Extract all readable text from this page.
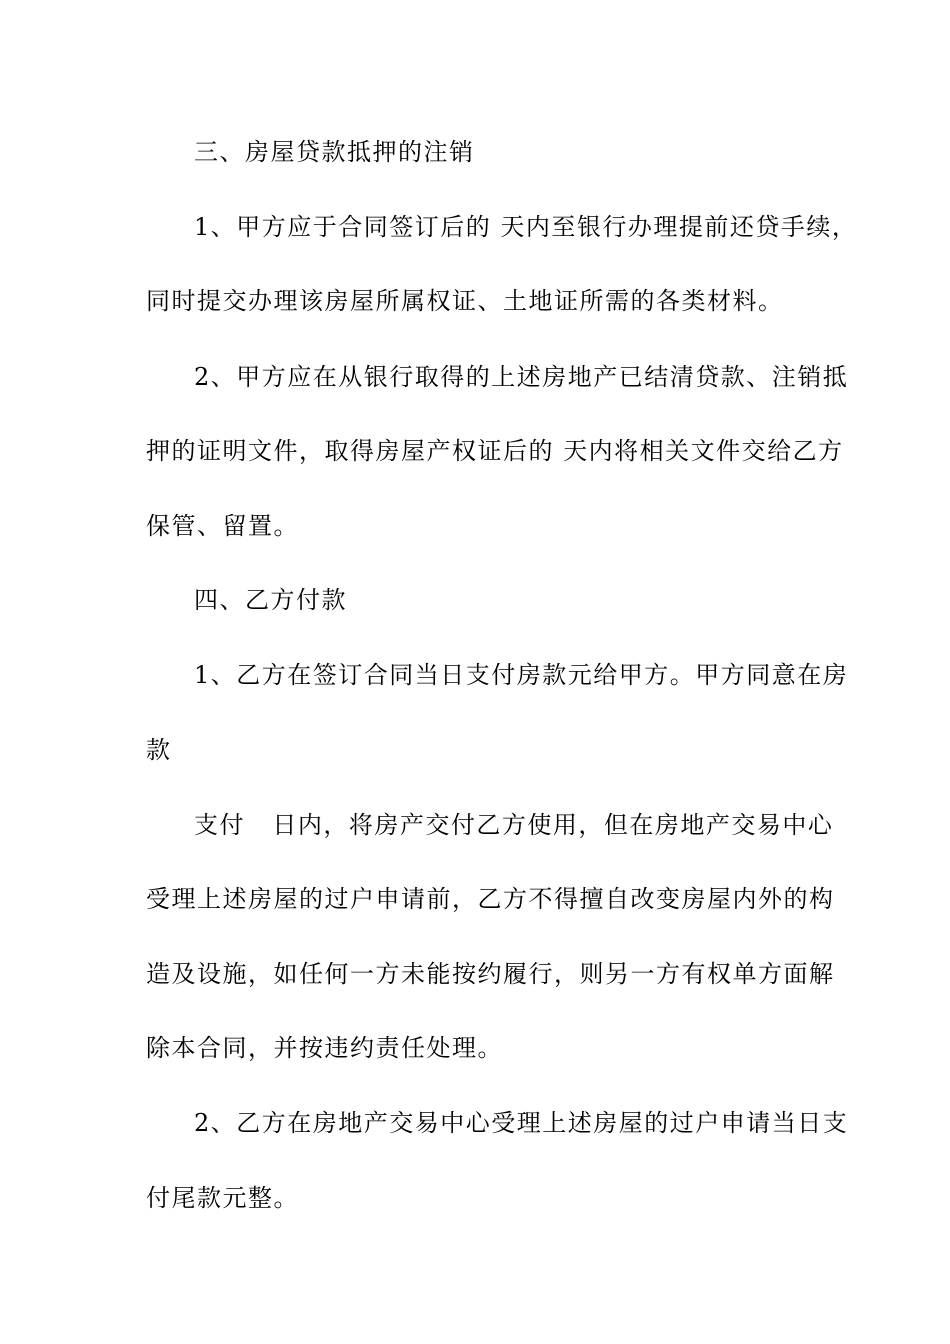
三、房屋贷款抵押的注销
1、甲方应于合同签订后的 天内至银行办理提前还贷手续，
同时提交办理该房屋所属权证、土地证所需的各类材料。
2、甲方应在从银行取得的上述房地产已结清贷款、注销抵
押的证明文件，取得房屋产权证后的 天内将相关文件交给乙方
保管、留置。
四、乙方付款
1、乙方在签订合同当日支付房款元给甲方。甲方同意在房
款
支付   日内，将房产交付乙方使用，但在房地产交易中心
受理上述房屋的过户申请前，乙方不得擅自改变房屋内外的构
造及设施，如任何一方未能按约履行，则另一方有权单方面解
除本合同，并按违约责任处理。
2、乙方在房地产交易中心受理上述房屋的过户申请当日支
付尾款元整。
